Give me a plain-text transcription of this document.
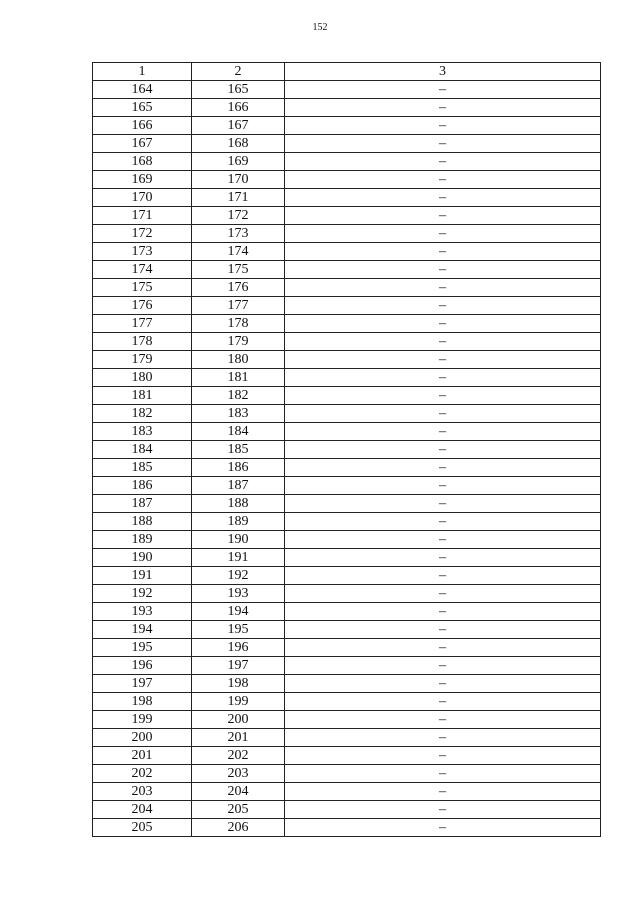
152
1	2	3
164	165	–
165	166	–
166	167	–
167	168	–
168	169	–
169	170	–
170	171	–
171	172	–
172	173	–
173	174	–
174	175	–
175	176	–
176	177	–
177	178	–
178	179	–
179	180	–
180	181	–
181	182	–
182	183	–
183	184	–
184	185	–
185	186	–
186	187	–
187	188	–
188	189	–
189	190	–
190	191	–
191	192	–
192	193	–
193	194	–
194	195	–
195	196	–
196	197	–
197	198	–
198	199	–
199	200	–
200	201	–
201	202	–
202	203	–
203	204	–
204	205	–
205	206	–
